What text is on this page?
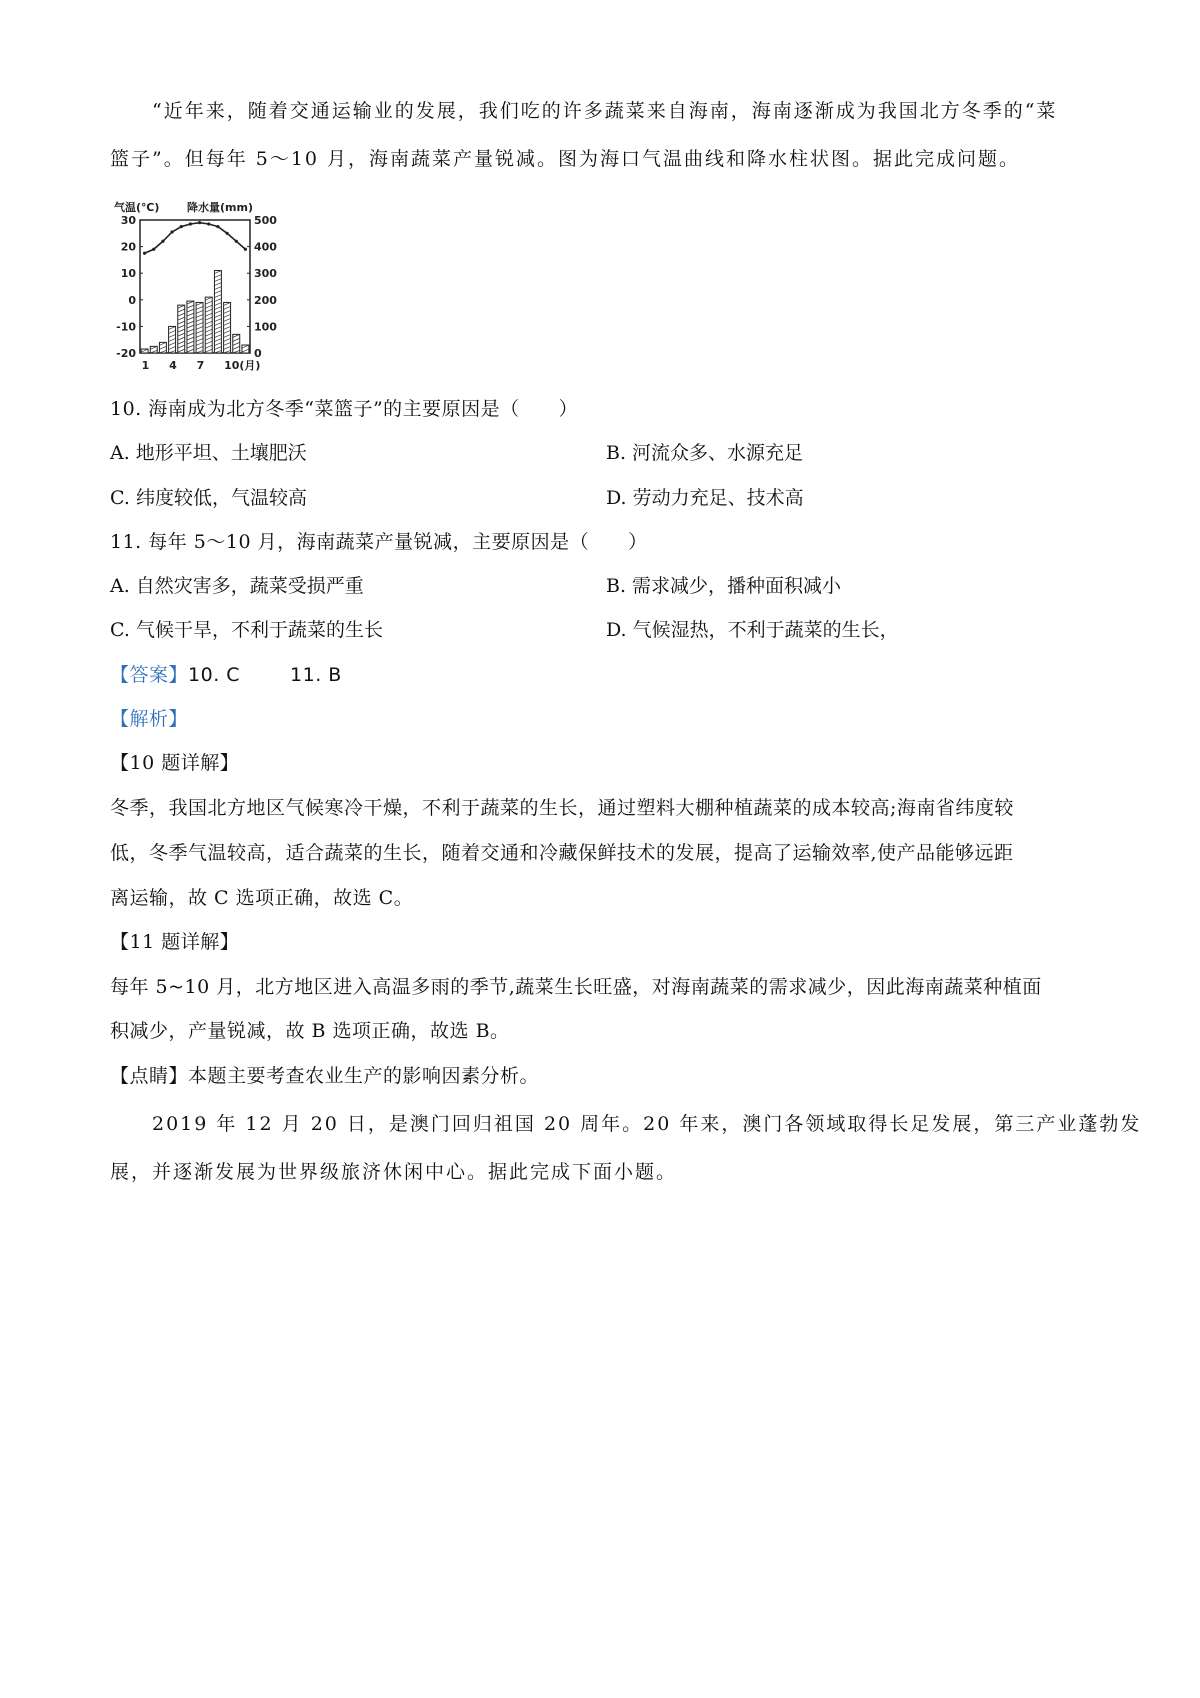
“近年来，随着交通运输业的发展，我们吃的许多蔬菜来自海南，海南逐渐成为我国北方冬季的“菜
篮子”。但每年 5～10 月，海南蔬菜产量锐减。图为海口气温曲线和降水柱状图。据此完成问题。
气温(℃)	降水量(mm)
30
20
10
0
-10
-20
500
400
300
200
100
0
1 4 7 10(月)
10. 海南成为北方冬季“菜篮子”的主要原因是（　　）
A. 地形平坦、土壤肥沃	B. 河流众多、水源充足
C. 纬度较低，气温较高	D. 劳动力充足、技术高
11. 每年 5～10 月，海南蔬菜产量锐减，主要原因是（　　）
A. 自然灾害多，蔬菜受损严重	B. 需求减少，播种面积减小
C. 气候干旱，不利于蔬菜的生长	D. 气候湿热，不利于蔬菜的生长，
【答案】10. C	11. B
【解析】
【10 题详解】
冬季，我国北方地区气候寒冷干燥，不利于蔬菜的生长，通过塑料大棚种植蔬菜的成本较高;海南省纬度较
低，冬季气温较高，适合蔬菜的生长，随着交通和冷藏保鲜技术的发展，提高了运输效率,使产品能够远距
离运输，故 C 选项正确，故选 C。
【11 题详解】
每年 5~10 月，北方地区进入高温多雨的季节,蔬菜生长旺盛，对海南蔬菜的需求减少，因此海南蔬菜种植面
积减少，产量锐减，故 B 选项正确，故选 B。
【点睛】本题主要考查农业生产的影响因素分析。
2019 年 12 月 20 日，是澳门回归祖国 20 周年。20 年来，澳门各领域取得长足发展，第三产业蓬勃发
展，并逐渐发展为世界级旅济休闲中心。据此完成下面小题。
